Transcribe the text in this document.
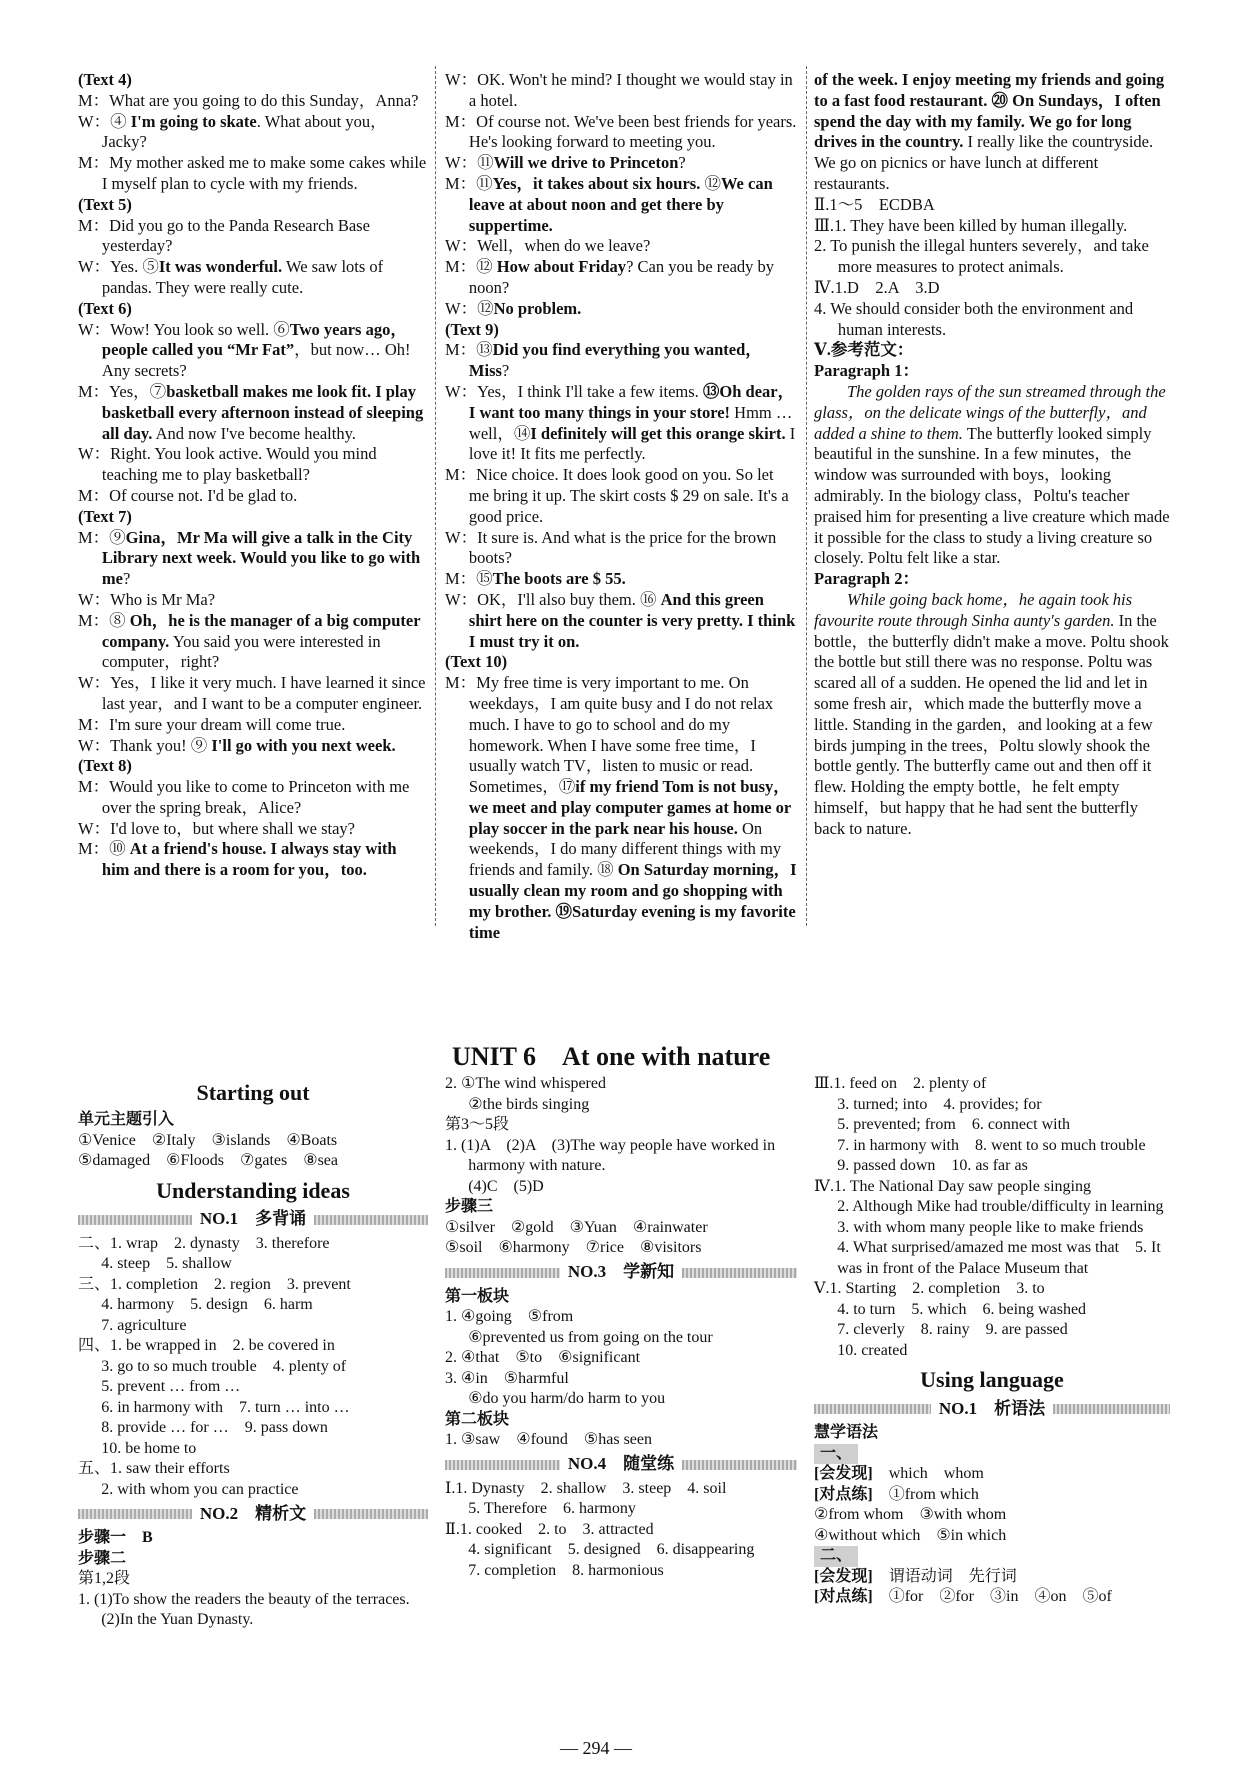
(Text 4)

M：What are you going to do this Sunday，Anna?

W：④ I'm going to skate. What about you，Jacky?

M：My mother asked me to make some cakes while I myself plan to cycle with my friends.

(Text 5)

M：Did you go to the Panda Research Base yesterday?

W：Yes. ⑤It was wonderful. We saw lots of pandas. They were really cute.

(Text 6)

W：Wow! You look so well. ⑥Two years ago，people called you “Mr Fat”，but now… Oh! Any secrets?

M：Yes，⑦basketball makes me look fit. I play basketball every afternoon instead of sleeping all day. And now I've become healthy.

W：Right. You look active. Would you mind teaching me to play basketball?

M：Of course not. I'd be glad to.

(Text 7)

M：⑨Gina，Mr Ma will give a talk in the City Library next week. Would you like to go with me?

W：Who is Mr Ma?

M：⑧ Oh，he is the manager of a big computer company. You said you were interested in computer，right?

W：Yes，I like it very much. I have learned it since last year，and I want to be a computer engineer.

M：I'm sure your dream will come true.

W：Thank you! ⑨ I'll go with you next week.

(Text 8)

M：Would you like to come to Princeton with me over the spring break，Alice?

W：I'd love to，but where shall we stay?

M：⑩ At a friend's house. I always stay with him and there is a room for you，too.

W：OK. Won't he mind? I thought we would stay in a hotel.

M：Of course not. We've been best friends for years. He's looking forward to meeting you.

W：⑪Will we drive to Princeton?

M：⑪Yes，it takes about six hours. ⑫We can leave at about noon and get there by suppertime.

W：Well，when do we leave?

M：⑫ How about Friday? Can you be ready by noon?

W：⑫No problem.

(Text 9)

M：⑬Did you find everything you wanted，Miss?

W：Yes，I think I'll take a few items. ⑬Oh dear，I want too many things in your store! Hmm … well，⑭I definitely will get this orange skirt. I love it! It fits me perfectly.

M：Nice choice. It does look good on you. So let me bring it up. The skirt costs $ 29 on sale. It's a good price.

W：It sure is. And what is the price for the brown boots?

M：⑮The boots are $ 55.

W：OK，I'll also buy them. ⑯ And this green shirt here on the counter is very pretty. I think I must try it on.

(Text 10)

M：My free time is very important to me. On weekdays，I am quite busy and I do not relax much. I have to go to school and do my homework. When I have some free time，I usually watch TV，listen to music or read. Sometimes，⑰if my friend Tom is not busy，we meet and play computer games at home or play soccer in the park near his house. On weekends，I do many different things with my friends and family. ⑱ On Saturday morning，I usually clean my room and go shopping with my brother. ⑲Saturday evening is my favorite time

of the week. I enjoy meeting my friends and going to a fast food restaurant. ⑳ On Sundays，I often spend the day with my family. We go for long drives in the country. I really like the countryside. We go on picnics or have lunch at different restaurants.

Ⅱ.1～5　ECDBA

Ⅲ.1. They have been killed by human illegally.

2. To punish the illegal hunters severely，and take more measures to protect animals.

Ⅳ.1.D　2.A　3.D

4. We should consider both the environment and human interests.

Ⅴ.参考范文：

Paragraph 1：

The golden rays of the sun streamed through the glass，on the delicate wings of the butterfly，and added a shine to them. The butterfly looked simply beautiful in the sunshine. In a few minutes，the window was surrounded with boys，looking admirably. In the biology class，Poltu's teacher praised him for presenting a live creature which made it possible for the class to study a living creature so closely. Poltu felt like a star.

Paragraph 2：

While going back home，he again took his favourite route through Sinha aunty's garden. In the bottle，the butterfly didn't make a move. Poltu shook the bottle but still there was no response. Poltu was scared all of a sudden. He opened the lid and let in some fresh air，which made the butterfly move a little. Standing in the garden，and looking at a few birds jumping in the trees，Poltu slowly shook the bottle gently. The butterfly came out and then off it flew. Holding the empty bottle，he felt empty himself，but happy that he had sent the butterfly back to nature.

UNIT 6　At one with nature
Starting out

单元主题引入

①Venice　②Italy　③islands　④Boats

⑤damaged　⑥Floods　⑦gates　⑧sea

Understanding ideas
NO.1　多背诵

二、1. wrap　2. dynasty　3. therefore

4. steep　5. shallow

三、1. completion　2. region　3. prevent

4. harmony　5. design　6. harm

7. agriculture

四、1. be wrapped in　2. be covered in

3. go to so much trouble　4. plenty of

5. prevent … from …

6. in harmony with　7. turn … into …

8. provide … for …　9. pass down

10. be home to

五、1. saw their efforts

2. with whom you can practice

NO.2　精析文

步骤一　B

步骤二

第1,2段

1. (1)To show the readers the beauty of the terraces.

(2)In the Yuan Dynasty.

2. ①The wind whispered

②the birds singing

第3～5段

1. (1)A　(2)A　(3)The way people have worked in harmony with nature.

(4)C　(5)D

步骤三

①silver　②gold　③Yuan　④rainwater

⑤soil　⑥harmony　⑦rice　⑧visitors

NO.3　学新知

第一板块

1. ④going　⑤from

⑥prevented us from going on the tour

2. ④that　⑤to　⑥significant

3. ④in　⑤harmful

⑥do you harm/do harm to you

第二板块

1. ③saw　④found　⑤has seen

NO.4　随堂练

Ⅰ.1. Dynasty　2. shallow　3. steep　4. soil

5. Therefore　6. harmony

Ⅱ.1. cooked　2. to　3. attracted

4. significant　5. designed　6. disappearing

7. completion　8. harmonious

Ⅲ.1. feed on　2. plenty of

3. turned; into　4. provides; for

5. prevented; from　6. connect with

7. in harmony with　8. went to so much trouble　9. passed down　10. as far as

Ⅳ.1. The National Day saw people singing

2. Although Mike had trouble/difficulty in learning　3. with whom many people like to make friends　4. What surprised/amazed me most was that　5. It was in front of the Palace Museum that

Ⅴ.1. Starting　2. completion　3. to

4. to turn　5. which　6. being washed

7. cleverly　8. rainy　9. are passed

10. created

Using language
NO.1　析语法

慧学语法

一、

[会发现]　 which　whom

[对点练]　 ①from which

②from whom　③with whom

④without which　⑤in which

二、

[会发现]　 谓语动词　先行词

[对点练]　 ①for　②for　③in　④on　⑤of

— 294 —
